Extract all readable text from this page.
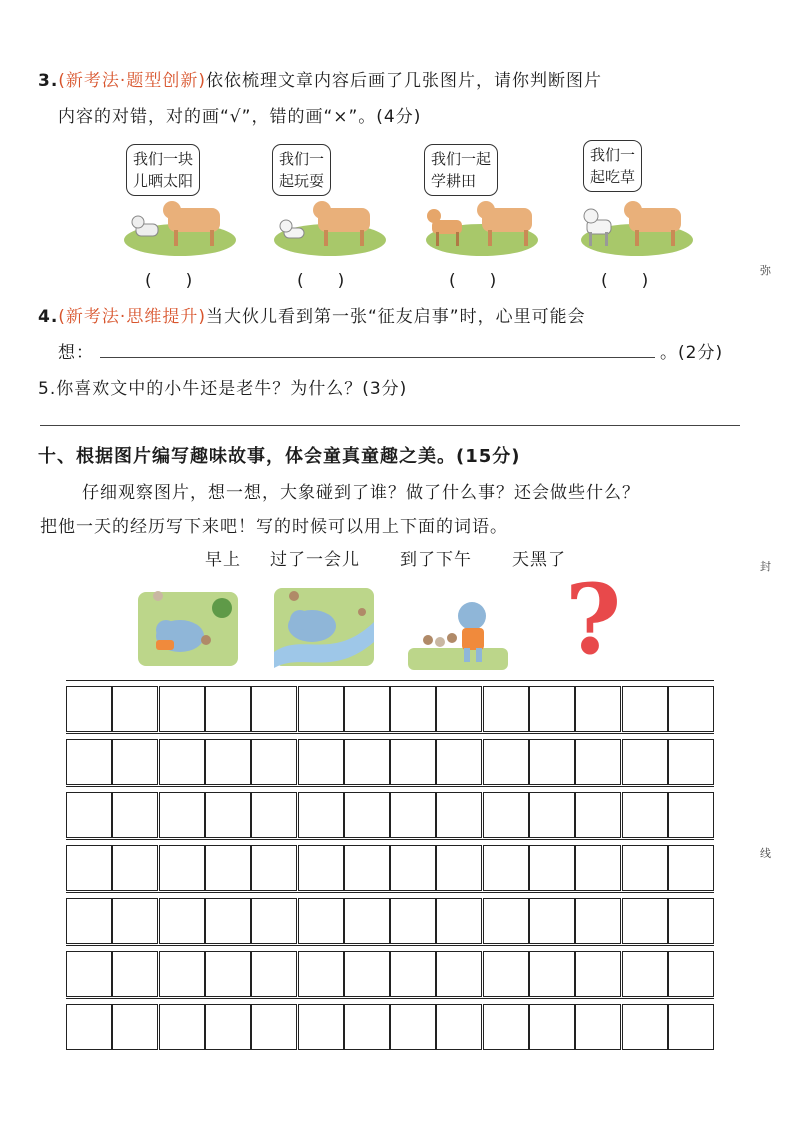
3.(新考法·题型创新)依依梳理文章内容后画了几张图片，请你判断图片
内容的对错，对的画“√”，错的画“×”。(4分)
我们一块
儿晒太阳
我们一
起玩耍
我们一起
学耕田
我们一
起吃草
(　　)	(　　)	(　　)	(　　)
弥
4.(新考法·思维提升)当大伙儿看到第一张“征友启事”时，心里可能会
想：	。(2分)
5.你喜欢文中的小牛还是老牛？为什么？(3分)
十、根据图片编写趣味故事，体会童真童趣之美。(15分)
仔细观察图片，想一想，大象碰到了谁？做了什么事？还会做些什么？
把他一天的经历写下来吧！写的时候可以用上下面的词语。
早上 过了一会儿 到了下午 天黑了	封
?
线
